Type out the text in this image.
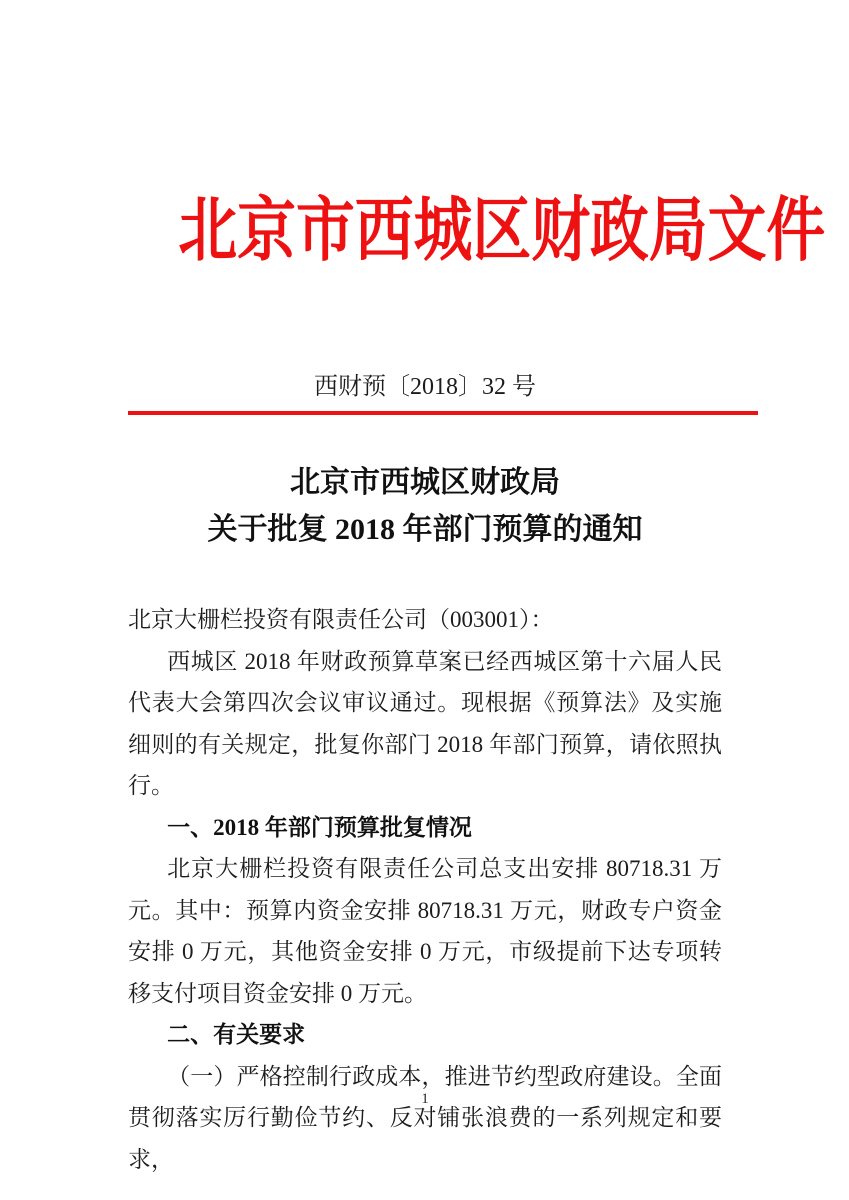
北京市西城区财政局文件
西财预〔2018〕32 号
北京市西城区财政局
关于批复 2018 年部门预算的通知

北京大栅栏投资有限责任公司（003001）：

西城区 2018 年财政预算草案已经西城区第十六届人民代表大会第四次会议审议通过。现根据《预算法》及实施细则的有关规定，批复你部门 2018 年部门预算，请依照执行。

一、2018 年部门预算批复情况

北京大栅栏投资有限责任公司总支出安排 80718.31 万元。其中：预算内资金安排 80718.31 万元，财政专户资金安排 0 万元，其他资金安排 0 万元，市级提前下达专项转移支付项目资金安排 0 万元。

二、有关要求

（一）严格控制行政成本，推进节约型政府建设。全面贯彻落实厉行勤俭节约、反对铺张浪费的一系列规定和要求，

1
